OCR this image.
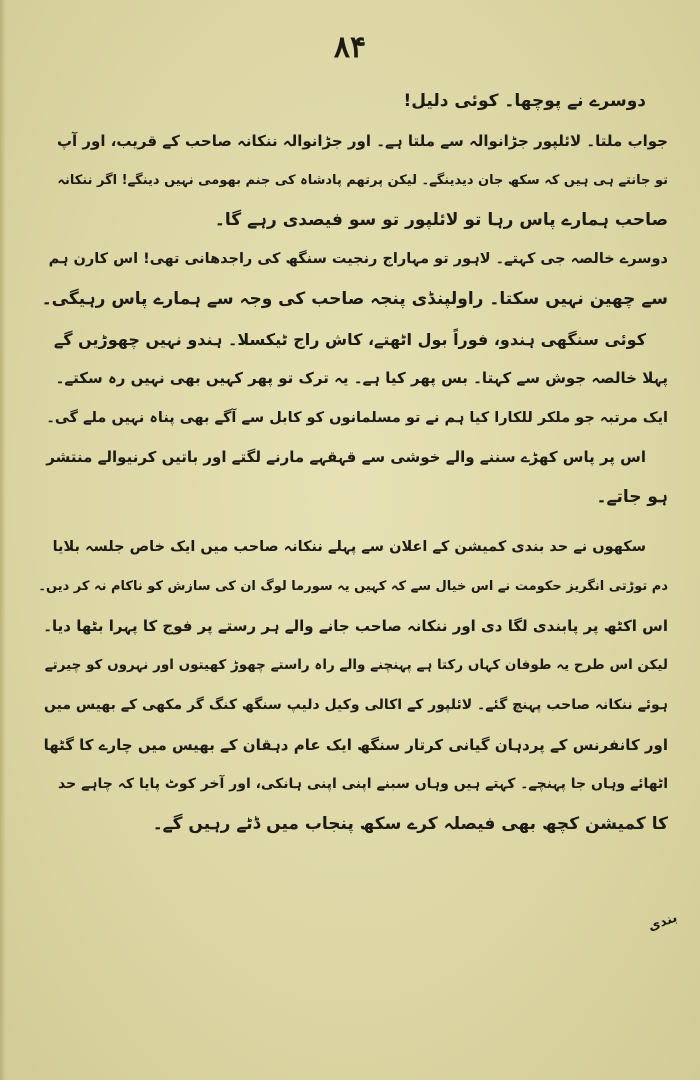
۸۴
دوسرے نے پوچھا۔ کوئی دلیل!
جواب ملتا۔ لائلپور جڑانوالہ سے ملتا ہے۔ اور جڑانوالہ ننکانہ صاحب کے قریب، اور آپ
تو جانتے ہی ہیں کہ سکھ جان دیدینگے۔ لیکن پرتھم پادشاہ کی جنم بھومی نہیں دینگے! اگر ننکانہ
صاحب ہمارے پاس رہا تو لائلپور تو سو فیصدی رہے گا۔
دوسرے خالصہ جی کہتے۔ لاہور تو مہاراج رنجیت سنگھ کی راجدھانی تھی! اس کارن ہم
سے چھین نہیں سکتا۔ راولپنڈی پنجہ صاحب کی وجہ سے ہمارے پاس رہیگی۔
کوئی سنگھی ہندو، فوراً بول اٹھتے، کاش راج ٹیکسلا۔ ہندو نہیں چھوڑیں گے
پہلا خالصہ جوش سے کہتا۔ بس پھر کیا ہے۔ یہ ترک تو پھر کہیں بھی نہیں رہ سکتے۔
ایک مرتبہ جو ملکر للکارا کیا ہم نے تو مسلمانوں کو کابل سے آگے بھی پناہ نہیں ملے گی۔
اس پر پاس کھڑے سننے والے خوشی سے قہقہے مارنے لگتے اور باتیں کرنیوالے منتشر
ہو جاتے۔
سکھوں نے حد بندی کمیشن کے اعلان سے پہلے ننکانہ صاحب میں ایک خاص جلسہ بلایا
دم توڑتی انگریز حکومت نے اس خیال سے کہ کہیں یہ سورما لوگ ان کی سازش کو ناکام نہ کر دیں۔
اس اکٹھ پر پابندی لگا دی اور ننکانہ صاحب جانے والے ہر رستے پر فوج کا پہرا بٹھا دیا۔
لیکن اس طرح یہ طوفان کہاں رکتا ہے پہنچنے والے راہ راستے چھوڑ کھیتوں اور نہروں کو چیرتے
ہوئے ننکانہ صاحب پہنچ گئے۔ لائلپور کے اکالی وکیل دلیپ سنگھ کنگ گر مکھی کے بھیس میں
اور کانفرنس کے پردہان گیانی کرتار سنگھ ایک عام دہقان کے بھیس میں چارے کا گٹھا
اٹھائے وہاں جا پہنچے۔ کہتے ہیں وہاں سبنے اپنی اپنی ہانکی، اور آخر کوٹ پایا کہ چاہے حد
کا کمیشن کچھ بھی فیصلہ کرے سکھ پنجاب میں ڈٹے رہیں گے۔
بندی
